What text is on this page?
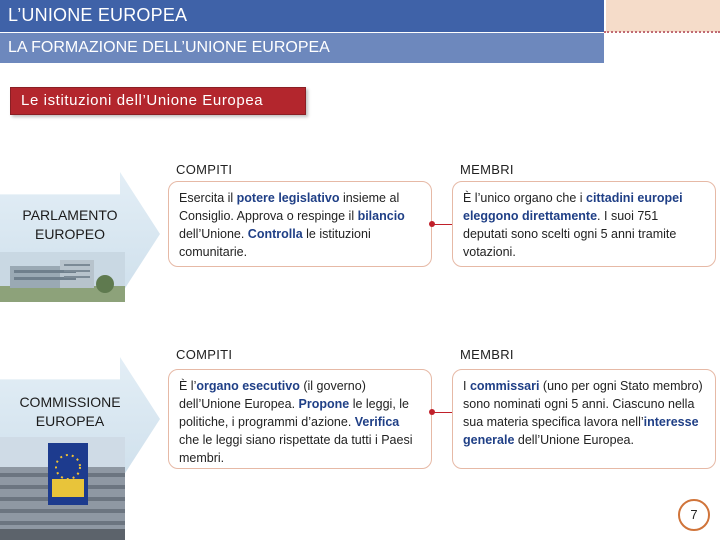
L’UNIONE EUROPEA
LA FORMAZIONE DELL’UNIONE EUROPEA
Le istituzioni dell’Unione Europea
PARLAMENTO EUROPEO
COMPITI	MEMBRI
Esercita il potere legislativo insieme al Consiglio. Approva o respinge il bilancio dell’Unione. Controlla le istituzioni comunitarie.
È l’unico organo che i cittadini europei eleggono direttamente. I suoi 751 deputati sono scelti ogni 5 anni tramite votazioni.
COMMISSIONE EUROPEA
COMPITI	MEMBRI
È l’organo esecutivo (il governo) dell’Unione Europea. Propone le leggi, le politiche, i programmi d’azione. Verifica che le leggi siano rispettate da tutti i Paesi membri.
I commissari (uno per ogni Stato membro) sono nominati ogni 5 anni. Ciascuno nella sua materia specifica lavora nell’interesse generale dell’Unione Europea.
7
